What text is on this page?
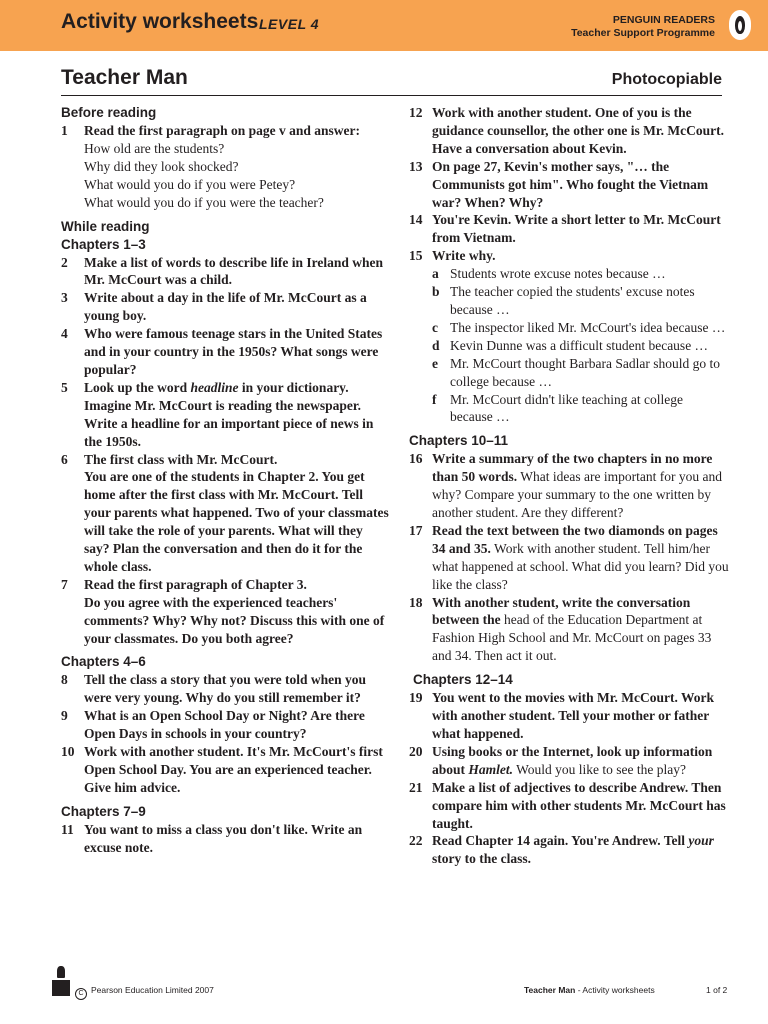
Activity worksheets LEVEL 4	PENGUIN READERS
Teacher Support Programme
Teacher Man	Photocopiable
Before reading
1	Read the first paragraph on page v and answer:
How old are the students?
Why did they look shocked?
What would you do if you were Petey?
What would you do if you were the teacher?
While reading
Chapters 1–3
2	Make a list of words to describe life in Ireland when Mr. McCourt was a child.
3	Write about a day in the life of Mr. McCourt as a young boy.
4	Who were famous teenage stars in the United States and in your country in the 1950s? What songs were popular?
5	Look up the word headline in your dictionary. Imagine Mr. McCourt is reading the newspaper. Write a headline for an important piece of news in the 1950s.
6	The first class with Mr. McCourt.
You are one of the students in Chapter 2. You get home after the first class with Mr. McCourt. Tell your parents what happened. Two of your classmates will take the role of your parents. What will they say? Plan the conversation and then do it for the whole class.
7	Read the first paragraph of Chapter 3.
Do you agree with the experienced teachers' comments? Why? Why not? Discuss this with one of your classmates. Do you both agree?
Chapters 4–6
8	Tell the class a story that you were told when you were very young. Why do you still remember it?
9	What is an Open School Day or Night? Are there Open Days in schools in your country?
10 Work with another student. It's Mr. McCourt's first Open School Day. You are an experienced teacher. Give him advice.
Chapters 7–9
11 You want to miss a class you don't like. Write an excuse note.
12 Work with another student. One of you is the guidance counsellor, the other one is Mr. McCourt. Have a conversation about Kevin.
13 On page 27, Kevin's mother says, "… the Communists got him". Who fought the Vietnam war? When? Why?
14 You're Kevin. Write a short letter to Mr. McCourt from Vietnam.
15 Write why.
a Students wrote excuse notes because …
b The teacher copied the students' excuse notes because …
c The inspector liked Mr. McCourt's idea because …
d Kevin Dunne was a difficult student because …
e Mr. McCourt thought Barbara Sadlar should go to college because …
f	Mr. McCourt didn't like teaching at college because …
Chapters 10–11
16 Write a summary of the two chapters in no more than 50 words. What ideas are important for you and why? Compare your summary to the one written by another student. Are they different?
17 Read the text between the two diamonds on pages 34 and 35. Work with another student. Tell him/her what happened at school. What did you learn? Did you like the class?
18 With another student, write the conversation between the head of the Education Department at Fashion High School and Mr. McCourt on pages 33 and 34. Then act it out.
Chapters 12–14
19 You went to the movies with Mr. McCourt. Work with another student. Tell your mother or father what happened.
20 Using books or the Internet, look up information about Hamlet. Would you like to see the play?
21 Make a list of adjectives to describe Andrew. Then compare him with other students Mr. McCourt has taught.
22 Read Chapter 14 again. You're Andrew. Tell your story to the class.
C Pearson Education Limited 2007	Teacher Man - Activity worksheets	1 of 2
